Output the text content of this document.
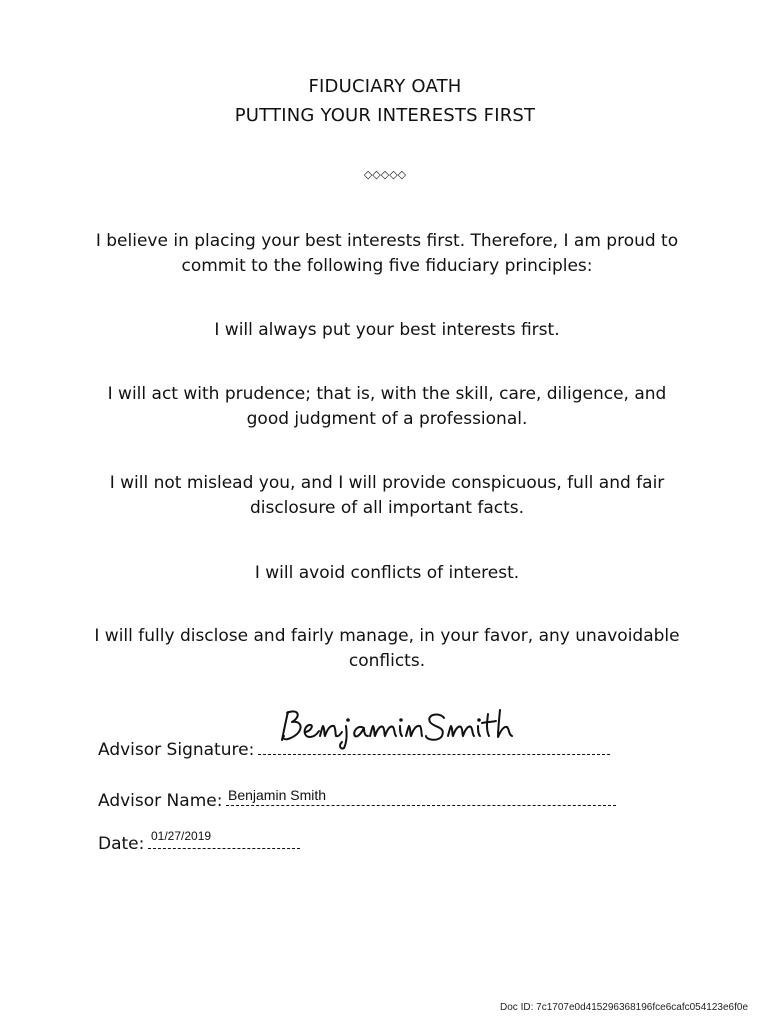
FIDUCIARY OATH
PUTTING YOUR INTERESTS FIRST
◇◇◇◇◇
I believe in placing your best interests first. Therefore, I am proud to commit to the following five fiduciary principles:
I will always put your best interests first.
I will act with prudence; that is, with the skill, care, diligence, and good judgment of a professional.
I will not mislead you, and I will provide conspicuous, full and fair disclosure of all important facts.
I will avoid conflicts of interest.
I will fully disclose and fairly manage, in your favor, any unavoidable conflicts.
Advisor Signature:
Advisor Name: Benjamin Smith
Date: 01/27/2019
Doc ID: 7c1707e0d415296368196fce6cafc054123e6f0e
